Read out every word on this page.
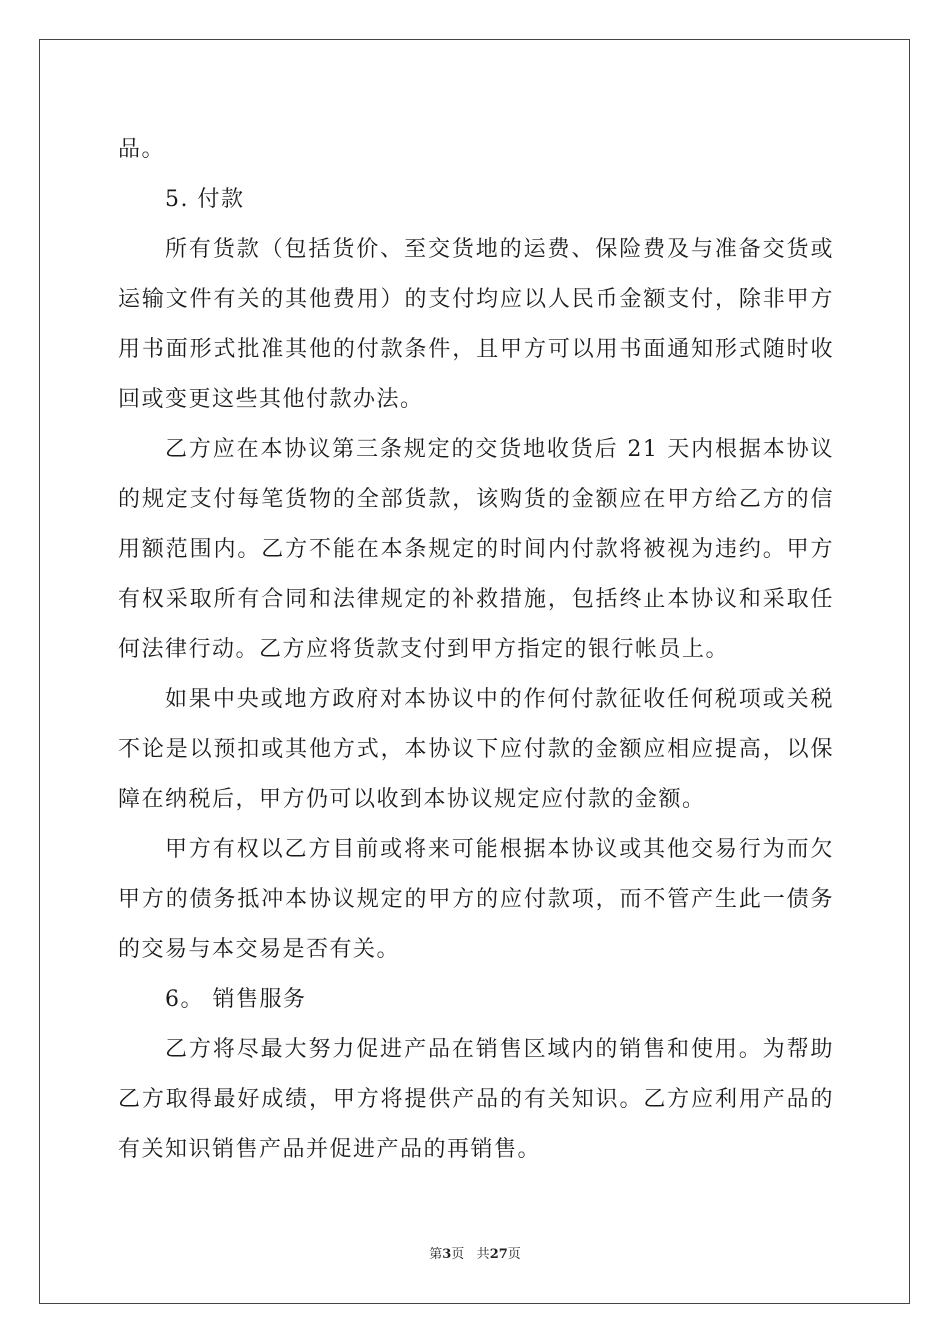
品。
5. 付款
所有货款（包括货价、至交货地的运费、保险费及与准备交货或
运输文件有关的其他费用）的支付均应以人民币金额支付，除非甲方
用书面形式批准其他的付款条件，且甲方可以用书面通知形式随时收
回或变更这些其他付款办法。
乙方应在本协议第三条规定的交货地收货后 21 天内根据本协议
的规定支付每笔货物的全部货款，该购货的金额应在甲方给乙方的信
用额范围内。乙方不能在本条规定的时间内付款将被视为违约。甲方
有权采取所有合同和法律规定的补救措施，包括终止本协议和采取任
何法律行动。乙方应将货款支付到甲方指定的银行帐员上。
如果中央或地方政府对本协议中的作何付款征收任何税项或关税
不论是以预扣或其他方式，本协议下应付款的金额应相应提高，以保
障在纳税后，甲方仍可以收到本协议规定应付款的金额。
甲方有权以乙方目前或将来可能根据本协议或其他交易行为而欠
甲方的债务抵冲本协议规定的甲方的应付款项，而不管产生此一债务
的交易与本交易是否有关。
6。 销售服务
乙方将尽最大努力促进产品在销售区域内的销售和使用。为帮助
乙方取得最好成绩，甲方将提供产品的有关知识。乙方应利用产品的
有关知识销售产品并促进产品的再销售。
第3页 共27页
